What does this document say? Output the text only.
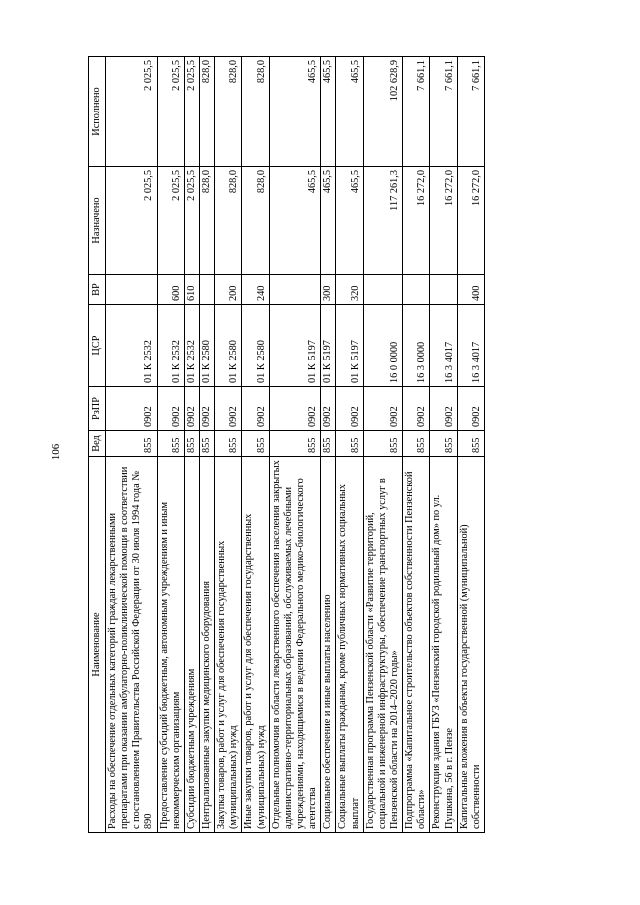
106
Наименование	Вед	РзПР	ЦСР	ВР	Назначено	Исполнено
Расходы на обеспечение отдельных категорий граждан лекарственными препаратами при оказании амбулаторно-поликлинической помощи в соответствии с постановлением Правительства Российской Федерации от 30 июля 1994 года № 890	855	0902	01 К 2532		2 025,5	2 025,5
Предоставление субсидий бюджетным, автономным учреждениям и иным некоммерческим организациям	855	0902	01 К 2532	600	2 025,5	2 025,5
Субсидии бюджетным учреждениям	855	0902	01 К 2532	610	2 025,5	2 025,5
Централизованные закупки медицинского оборудования	855	0902	01 К 2580		828,0	828,0
Закупка товаров, работ и услуг для обеспечения государственных (муниципальных) нужд	855	0902	01 К 2580	200	828,0	828,0
Иные закупки товаров, работ и услуг для обеспечения государственных (муниципальных) нужд	855	0902	01 К 2580	240	828,0	828,0
Отдельные полномочия в области лекарственного обеспечения населения закрытых административно-территориальных образований, обслуживаемых лечебными учреждениями, находящимися в ведении Федерального медико-биологического агентства	855	0902	01 К 5197		465,5	465,5
Социальное обеспечение и иные выплаты населению	855	0902	01 К 5197	300	465,5	465,5
Социальные выплаты гражданам, кроме публичных нормативных социальных выплат	855	0902	01 К 5197	320	465,5	465,5
Государственная программа Пензенской области «Развитие территорий, социальной и инженерной инфраструктуры, обеспечение транспортных услуг в Пензенской области на 2014–2020 годы»	855	0902	16 0 0000		117 261,3	102 628,9
Подпрограмма «Капитальное строительство объектов собственности Пензенской области»	855	0902	16 3 0000		16 272,0	7 661,1
Реконструкция здания ГБУЗ «Пензенский городской родильный дом» по ул. Пушкина, 56 в г. Пензе	855	0902	16 3 4017		16 272,0	7 661,1
Капитальные вложения в объекты государственной (муниципальной) собственности	855	0902	16 3 4017	400	16 272,0	7 661,1
